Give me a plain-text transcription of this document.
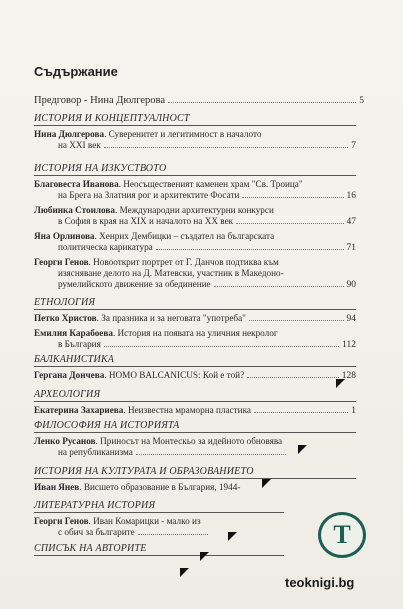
Съдържание
Предговор - Нина Дюлгерова	5
ИСТОРИЯ И КОНЦЕПТУАЛНОСТ
Нина Дюлгерова. Суверенитет и легитимност в началото
на XXI век	7
ИСТОРИЯ НА ИЗКУСТВОТО
Благовеста Иванова. Неосъщественият каменен храм "Св. Троица"
на Брега на Златния рог и архитектите Фосати	16
Любинка Стоилова. Международни архитектурни конкурси
в София в края на XIX и началото на XX век	47
Яна Орлинова. Хенрих Дембицки – създател на българската
политическа карикатура	71
Георги Генов. Новооткрит портрет от Г. Данчов подтиква към
изясняване делото на Д. Матевски, участник в Македоно-
румелийското движение за обединение	90
ЕТНОЛОГИЯ
Петко Христов. За празника и за неговата "употреба"	94
Емилия Карабоева. История на появата на уличния некролог
в България	112
БАЛКАНИСТИКА
Гергана Дончева. HOMO BALCANICUS: Кой е той?	128
АРХЕОЛОГИЯ
Екатерина Захариева. Неизвестна мраморна пластика	1
ФИЛОСОФИЯ НА ИСТОРИЯТА
Ленко Русанов. Приносът на Монтескьо за идейното обновява
на републиканизма
ИСТОРИЯ НА КУЛТУРАТА И ОБРАЗОВАНИЕТО
Иван Янев. Висшето образование в България, 1944-
ЛИТЕРАТУРНА ИСТОРИЯ
Георги Генов. Иван Комарицки - малко из
с обич за българите
СПИСЪК НА АВТОРИТЕ	T
teoknigi.bg
